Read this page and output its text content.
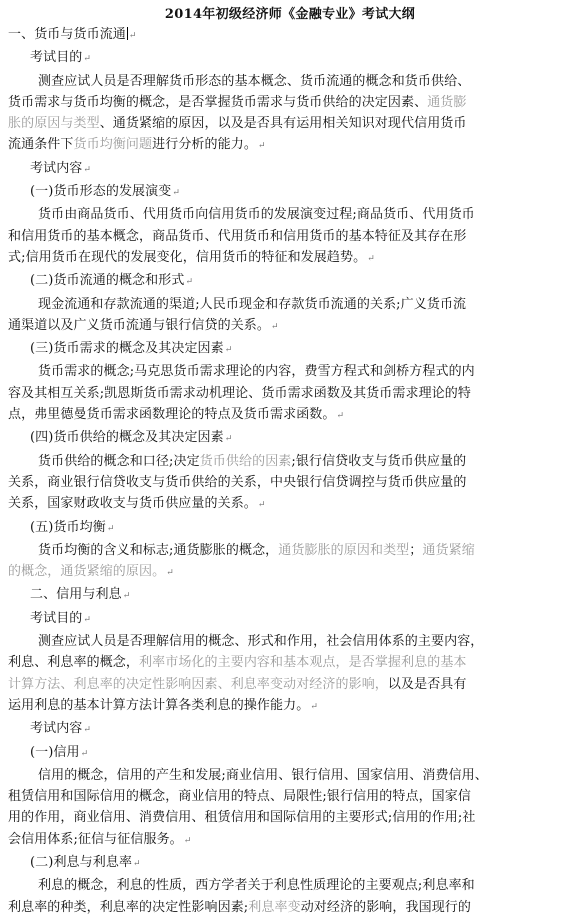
2014年初级经济师《金融专业》考试大纲
一、货币与货币流通 ↵
考试目的↵
测查应试人员是否理解货币形态的基本概念、货币流通的概念和货币供给、
货币需求与货币均衡的概念，是否掌握货币需求与货币供给的决定因素、通货膨
胀的原因与类型、通货紧缩的原因，以及是否具有运用相关知识对现代信用货币
流通条件下货币均衡问题进行分析的能力。↵
考试内容↵
(一)货币形态的发展演变↵
货币由商品货币、代用货币向信用货币的发展演变过程;商品货币、代用货币
和信用货币的基本概念，商品货币、代用货币和信用货币的基本特征及其存在形
式;信用货币在现代的发展变化，信用货币的特征和发展趋势。↵
(二)货币流通的概念和形式↵
现金流通和存款流通的渠道;人民币现金和存款货币流通的关系;广义货币流
通渠道以及广义货币流通与银行信贷的关系。↵
(三)货币需求的概念及其决定因素↵
货币需求的概念;马克思货币需求理论的内容，费雪方程式和剑桥方程式的内
容及其相互关系;凯恩斯货币需求动机理论、货币需求函数及其货币需求理论的特
点，弗里德曼货币需求函数理论的特点及货币需求函数。↵
(四)货币供给的概念及其决定因素↵
货币供给的概念和口径;决定货币供给的因素;银行信贷收支与货币供应量的
关系，商业银行信贷收支与货币供给的关系，中央银行信贷调控与货币供应量的
关系，国家财政收支与货币供应量的关系。↵
(五)货币均衡↵
货币均衡的含义和标志;通货膨胀的概念，通货膨胀的原因和类型；通货紧缩
的概念，通货紧缩的原因。↵
二、信用与利息↵
考试目的↵
测查应试人员是否理解信用的概念、形式和作用，社会信用体系的主要内容，
利息、利息率的概念，利率市场化的主要内容和基本观点，是否掌握利息的基本
计算方法、利息率的决定性影响因素、利息率变动对经济的影响，以及是否具有
运用利息的基本计算方法计算各类利息的操作能力。↵
考试内容↵
(一)信用↵
信用的概念，信用的产生和发展;商业信用、银行信用、国家信用、消费信用、
租赁信用和国际信用的概念，商业信用的特点、局限性;银行信用的特点，国家信
用的作用，商业信用、消费信用、租赁信用和国际信用的主要形式;信用的作用;社
会信用体系;征信与征信服务。↵
(二)利息与利息率↵
利息的概念，利息的性质，西方学者关于利息性质理论的主要观点;利息率和
利息率的种类，利息率的决定性影响因素;利息率变动对经济的影响，我国现行的
